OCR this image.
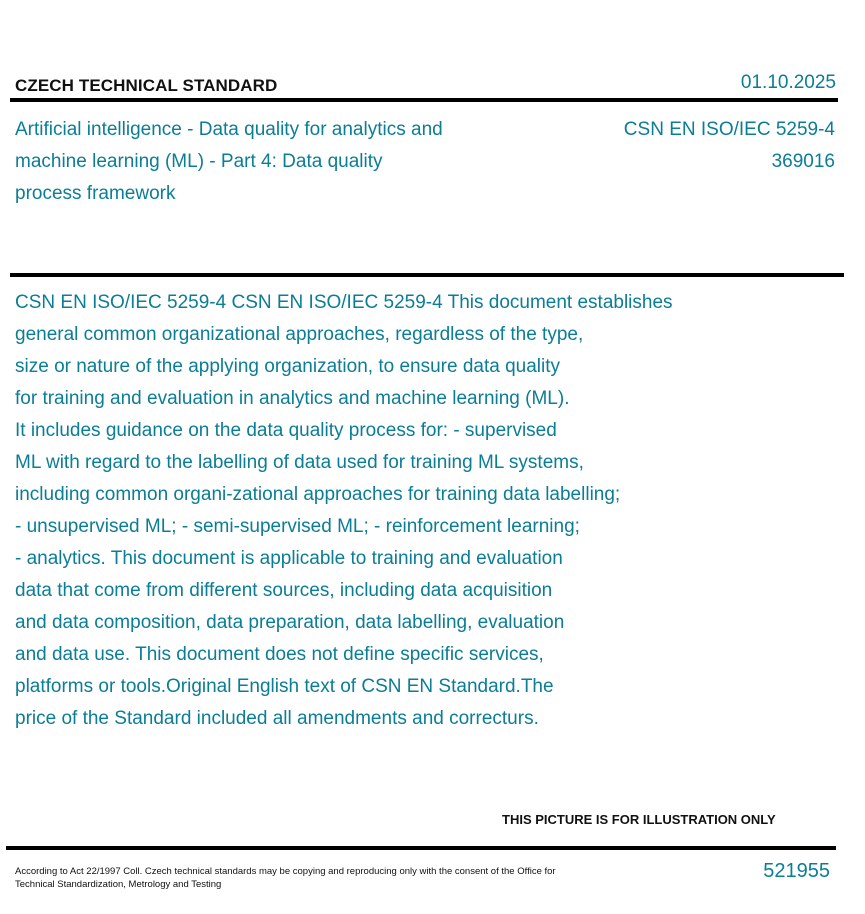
CZECH TECHNICAL STANDARD	01.10.2025
Artificial intelligence - Data quality for analytics and machine learning (ML) - Part 4: Data quality process framework
CSN EN ISO/IEC 5259-4
369016
CSN EN ISO/IEC 5259-4 CSN EN ISO/IEC 5259-4 This document establishes
general common organizational approaches, regardless of the type,
size or nature of the applying organization, to ensure data quality
for training and evaluation in analytics and machine learning (ML).
It includes guidance on the data quality process for: - supervised
ML with regard to the labelling of data used for training ML systems,
including common organi-zational approaches for training data labelling;
- unsupervised ML; - semi-supervised ML; - reinforcement learning;
- analytics. This document is applicable to training and evaluation
data that come from different sources, including data acquisition
and data composition, data preparation, data labelling, evaluation
and data use. This document does not define specific services,
platforms or tools.Original English text of CSN EN Standard.The
price of the Standard included all amendments and correcturs.
THIS PICTURE IS FOR ILLUSTRATION ONLY
According to Act 22/1997 Coll. Czech technical standards may be copying and reproducing only with the consent of the Office for Technical Standardization, Metrology and Testing
521955
